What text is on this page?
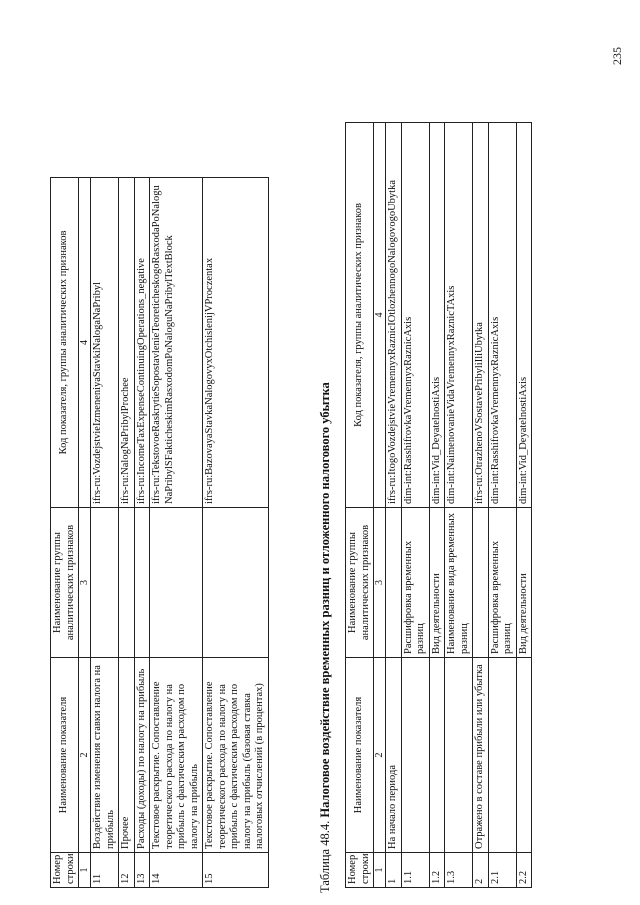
Номер строки	Наименование показателя	Наименование группы аналитических признаков	Код показателя, группы аналитических признаков
1	2	3	4
11	Воздействие изменения ставки налога на прибыль		ifrs-ru:VozdejstvieIzmeneniyaStavkiNalogaNaPribyl
12	Прочее		ifrs-ru:NalogNaPribylProchee
13	Расходы (доходы) по налогу на прибыль		ifrs-ru:IncomeTaxExpenseContinuingOperations_negative
14	Текстовое раскрытие. Сопоставление теоретического расхода по налогу на прибыль с фактическим расходом по налогу на прибыль		ifrs-ru:TekstovoeRaskrytieSopostavlenieTeoreticheskogoRasxodaPoNaloguNaPribylSFakticheskimRasxodomPoNaloguNaPribylTextBlock
15	Текстовое раскрытие. Сопоставление теоретического расхода по налогу на прибыль с фактическим расходом по налогу на прибыль (базовая ставка налоговых отчислений (в процентах)		ifrs-ru:BazovayaStavkaNalogovyxOtchislenijVProczentax
Таблица 48.4. Налоговое воздействие временных разниц и отложенного налогового убытка
Номер строки	Наименование показателя	Наименование группы аналитических признаков	Код показателя, группы аналитических признаков
1	2	3	4
1	На начало периода		ifrs-ru:ItogoVozdejstvieVremennyxRaznicIOtlozhennogoNalogovogoUbytka
1.1		Расшифровка временных разниц	dim-int:RasshifrovkaVremennyxRaznicAxis
1.2		Вид деятельности	dim-int:Vid_DeyatelnostiAxis
1.3		Наименование вида временных разниц	dim-int:NaimenovanieVidaVremennyxRaznicTAxis
2	Отражено в составе прибыли или убытка		ifrs-ru:OtrazhenoVSostavePribyliIliUbytka
2.1		Расшифровка временных разниц	dim-int:RasshifrovkaVremennyxRaznicAxis
2.2		Вид деятельности	dim-int:Vid_DeyatelnostiAxis
235
